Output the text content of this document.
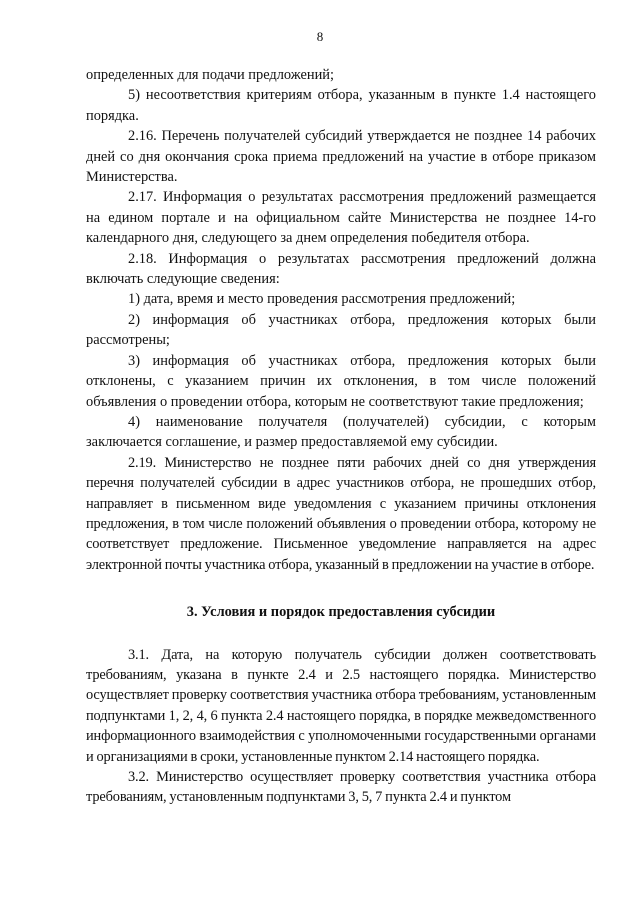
8

определенных для подачи предложений;

5) несоответствия критериям отбора, указанным в пункте 1.4 настоящего порядка.

2.16. Перечень получателей субсидий утверждается не позднее 14 рабочих дней со дня окончания срока приема предложений на участие в отборе приказом Министерства.

2.17. Информация о результатах рассмотрения предложений размещается на едином портале и на официальном сайте Министерства не позднее 14-го календарного дня, следующего за днем определения победителя отбора.

2.18. Информация о результатах рассмотрения предложений должна включать следующие сведения:

1) дата, время и место проведения рассмотрения предложений;

2) информация об участниках отбора, предложения которых были рассмотрены;

3) информация об участниках отбора, предложения которых были отклонены, с указанием причин их отклонения, в том числе положений объявления о проведении отбора, которым не соответствуют такие предложения;

4) наименование получателя (получателей) субсидии, с которым заключается соглашение, и размер предоставляемой ему субсидии.

2.19. Министерство не позднее пяти рабочих дней со дня утверждения перечня получателей субсидии в адрес участников отбора, не прошедших отбор, направляет в письменном виде уведомления с указанием причины отклонения предложения, в том числе положений объявления о проведении отбора, которому не соответствует предложение. Письменное уведомление направляется на адрес электронной почты участника отбора, указанный в предложении на участие в отборе.

3. Условия и порядок предоставления субсидии

3.1. Дата, на которую получатель субсидии должен соответствовать требованиям, указана в пункте 2.4 и 2.5 настоящего порядка. Министерство осуществляет проверку соответствия участника отбора требованиям, установленным подпунктами 1, 2, 4, 6 пункта 2.4 настоящего порядка, в порядке межведомственного информационного взаимодействия с уполномоченными государственными органами и организациями в сроки, установленные пунктом 2.14 настоящего порядка.

3.2. Министерство осуществляет проверку соответствия участника отбора требованиям, установленным подпунктами 3, 5, 7 пункта 2.4 и пунктом
